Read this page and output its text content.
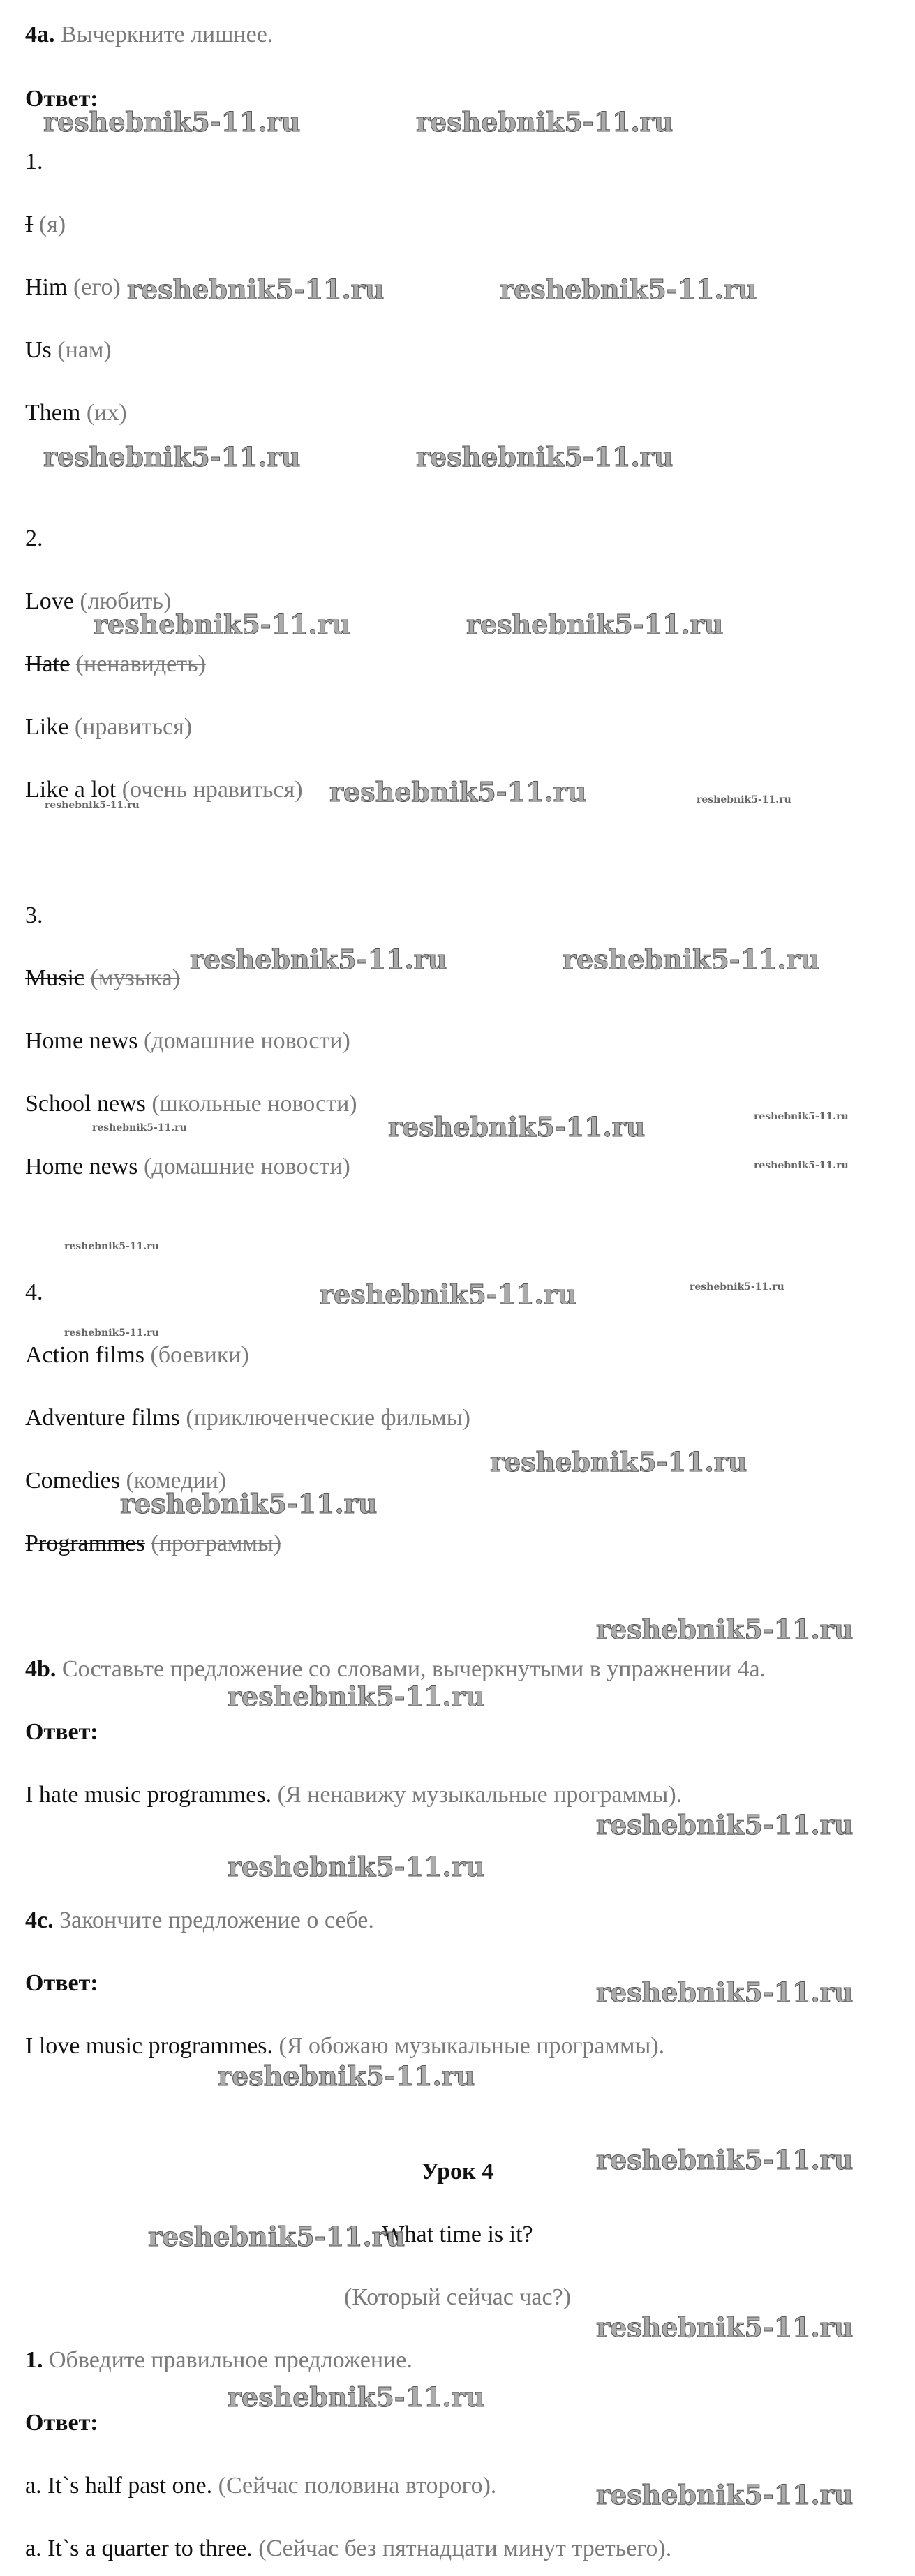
4a. Вычеркните лишнее.
Ответ:
1.
I (я)
Him (его)
Us (нам)
Them (их)
2.
Love (любить)
Hate (ненавидеть)
Like (нравиться)
Like a lot (очень нравиться)
3.
Music (музыка)
Home news (домашние новости)
School news (школьные новости)
Home news (домашние новости)
4.
Action films (боевики)
Adventure films (приключенческие фильмы)
Comedies (комедии)
Programmes (программы)
4b. Составьте предложение со словами, вычеркнутыми в упражнении 4a.
Ответ:
I hate music programmes. (Я ненавижу музыкальные программы).
4c. Закончите предложение о себе.
Ответ:
I love music programmes. (Я обожаю музыкальные программы).
Урок 4
What time is it?
(Который сейчас час?)
1. Обведите правильное предложение.
Ответ:
a. It`s half past one. (Сейчас половина второго).
a. It`s a quarter to three. (Сейчас без пятнадцати минут третьего).
reshebnik5-11.ru	reshebnik5-11.ru
reshebnik5-11.ru	reshebnik5-11.ru
reshebnik5-11.ru	reshebnik5-11.ru
reshebnik5-11.ru	reshebnik5-11.ru
reshebnik5-11.ru	reshebnik5-11.ru
reshebnik5-11.ru
reshebnik5-11.ru	reshebnik5-11.ru
reshebnik5-11.ru
reshebnik5-11.ru
reshebnik5-11.ru
reshebnik5-11.ru
reshebnik5-11.ru
reshebnik5-11.ru	reshebnik5-11.ru
reshebnik5-11.ru
reshebnik5-11.ru
reshebnik5-11.ru
reshebnik5-11.ru
reshebnik5-11.ru
reshebnik5-11.ru
reshebnik5-11.ru
reshebnik5-11.ru
reshebnik5-11.ru
reshebnik5-11.ru
reshebnik5-11.ru
reshebnik5-11.ru
reshebnik5-11.ru
reshebnik5-11.ru
